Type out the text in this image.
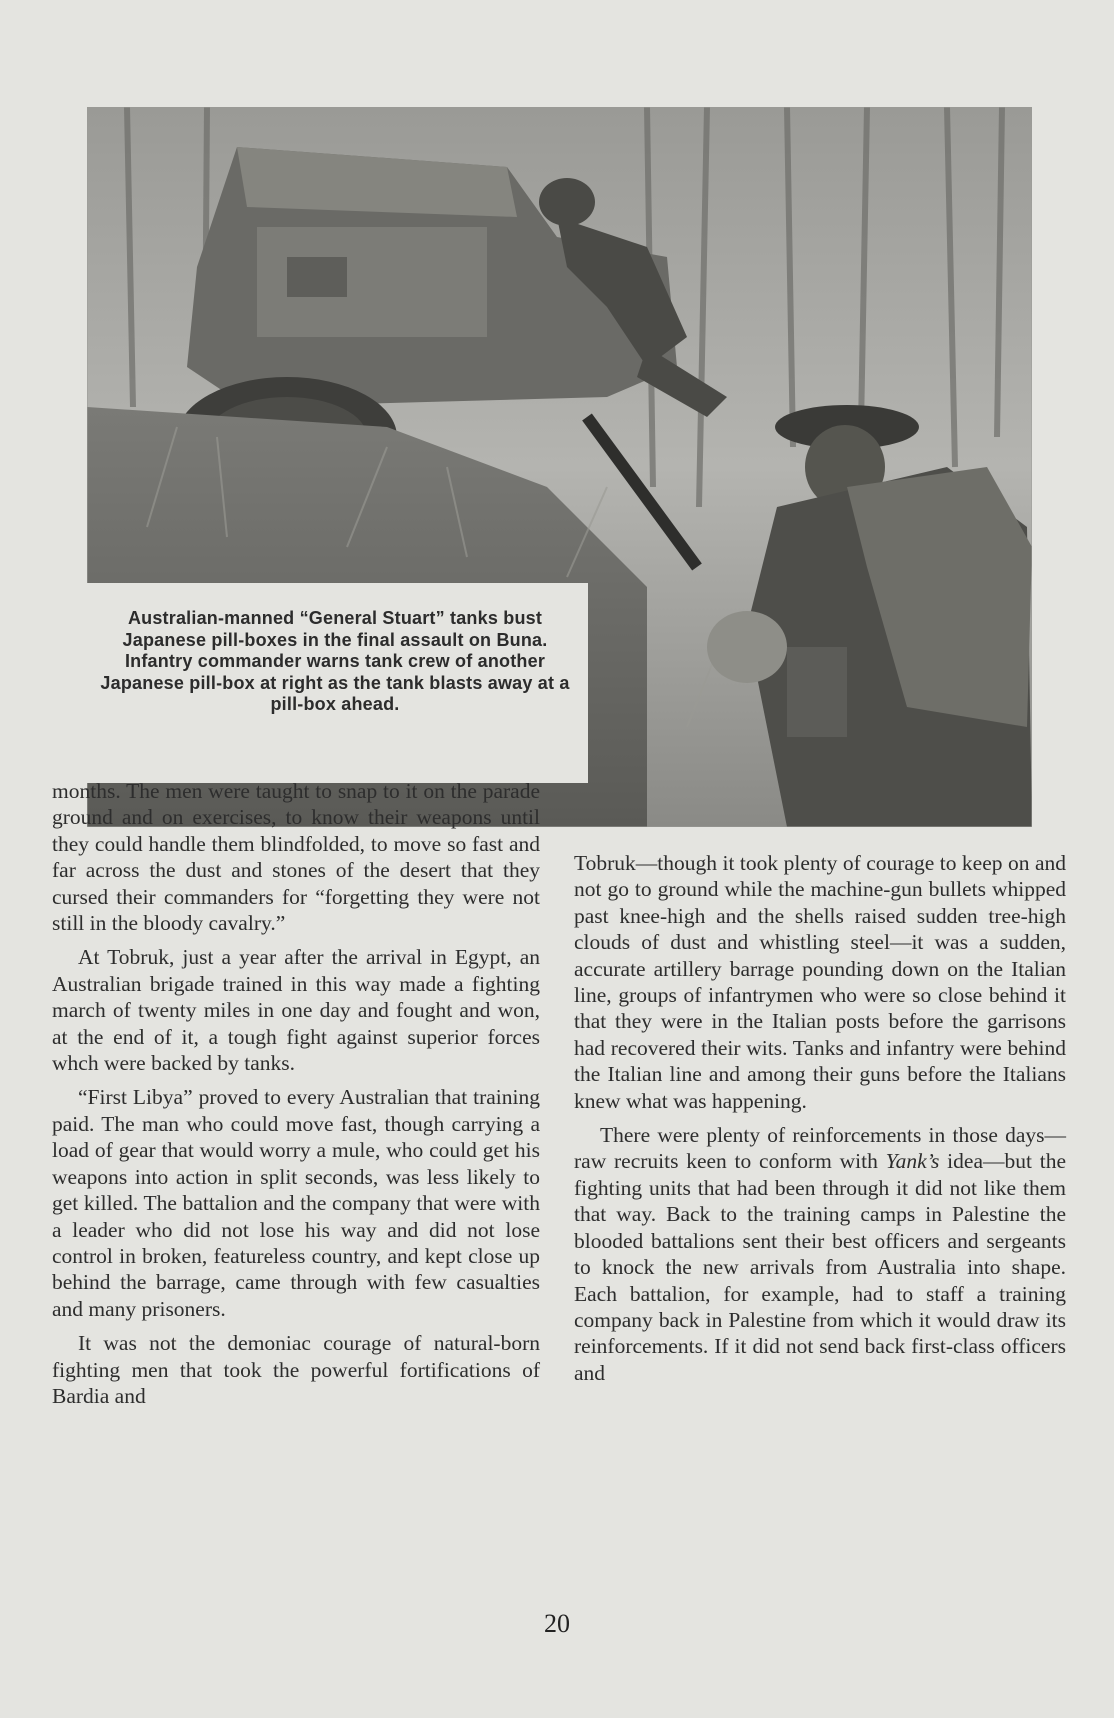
Australian-manned “General Stuart” tanks bust Japanese pill-boxes in the final assault on Buna. Infantry commander warns tank crew of another Japanese pill-box at right as the tank blasts away at a pill-box ahead.

months. The men were taught to snap to it on the parade ground and on exercises, to know their weapons until they could handle them blindfolded, to move so fast and far across the dust and stones of the desert that they cursed their commanders for “forgetting they were not still in the bloody cavalry.”

At Tobruk, just a year after the arrival in Egypt, an Australian brigade trained in this way made a fighting march of twenty miles in one day and fought and won, at the end of it, a tough fight against superior forces whch were backed by tanks.

“First Libya” proved to every Australian that training paid. The man who could move fast, though carrying a load of gear that would worry a mule, who could get his weapons into action in split seconds, was less likely to get killed. The battalion and the company that were with a leader who did not lose his way and did not lose control in broken, featureless country, and kept close up behind the barrage, came through with few casualties and many prisoners.

It was not the demoniac courage of natural-born fighting men that took the powerful fortifications of Bardia and

Tobruk—though it took plenty of courage to keep on and not go to ground while the machine-gun bullets whipped past knee-high and the shells raised sudden tree-high clouds of dust and whistling steel—it was a sudden, accurate artillery barrage pounding down on the Italian line, groups of infantrymen who were so close behind it that they were in the Italian posts before the garrisons had recovered their wits. Tanks and infantry were behind the Italian line and among their guns before the Italians knew what was happening.

There were plenty of reinforcements in those days—raw recruits keen to conform with Yank’s idea—but the fighting units that had been through it did not like them that way. Back to the training camps in Palestine the blooded battalions sent their best officers and sergeants to knock the new arrivals from Australia into shape. Each battalion, for example, had to staff a training company back in Palestine from which it would draw its reinforcements. If it did not send back first-class officers and

20
